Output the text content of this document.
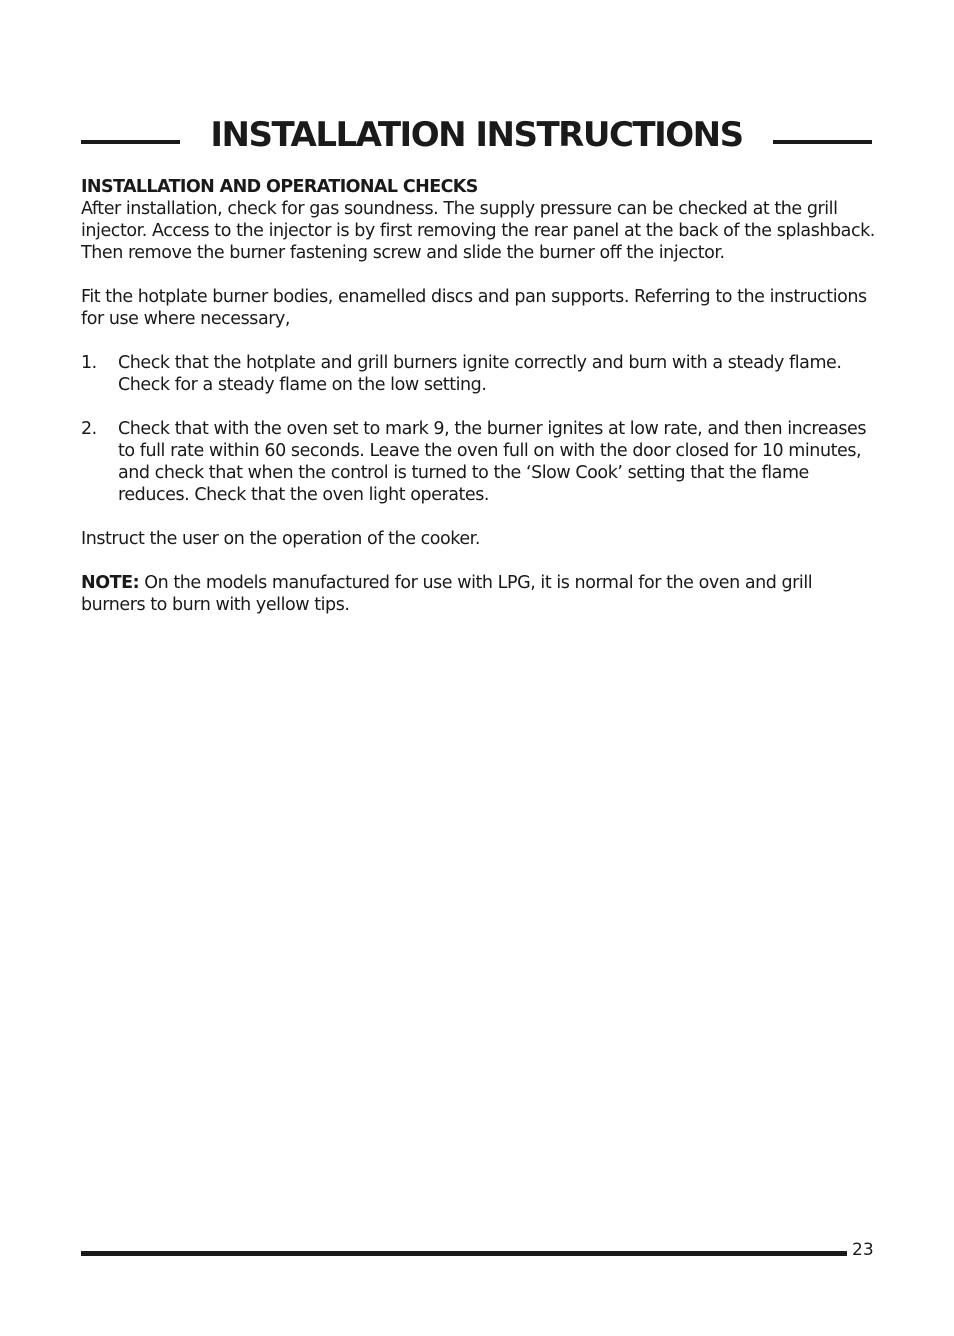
INSTALLATION INSTRUCTIONS

INSTALLATION AND OPERATIONAL CHECKS

After installation, check for gas soundness. The supply pressure can be checked at the grill injector. Access to the injector is by first removing the rear panel at the back of the splashback. Then remove the burner fastening screw and slide the burner off the injector.

Fit the hotplate burner bodies, enamelled discs and pan supports. Referring to the instructions for use where necessary,

1.	Check that the hotplate and grill burners ignite correctly and burn with a steady flame. Check for a steady flame on the low setting.
2.	Check that with the oven set to mark 9, the burner ignites at low rate, and then increases to full rate within 60 seconds. Leave the oven full on with the door closed for 10 minutes, and check that when the control is turned to the ‘Slow Cook’ setting that the flame reduces. Check that the oven light operates.

Instruct the user on the operation of the cooker.

NOTE: On the models manufactured for use with LPG, it is normal for the oven and grill burners to burn with yellow tips.

23
